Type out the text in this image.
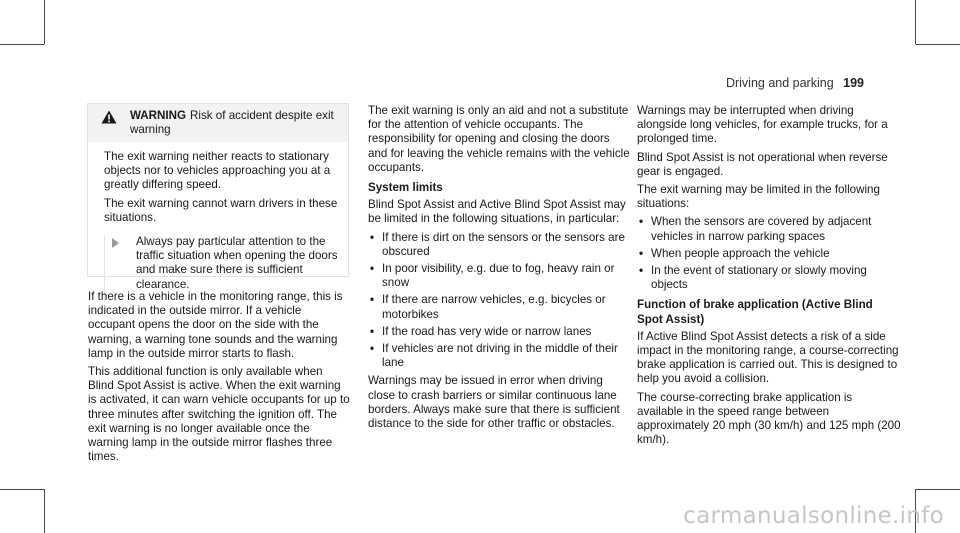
Driving and parking 199
WARNING Risk of accident despite exit warning

The exit warning neither reacts to stationary objects nor to vehicles approaching you at a greatly differing speed.

The exit warning cannot warn drivers in these situations.

Always pay particular attention to the traffic situation when opening the doors and make sure there is sufficient clearance.

If there is a vehicle in the monitoring range, this is indicated in the outside mirror. If a vehicle occupant opens the door on the side with the warning, a warning tone sounds and the warning lamp in the outside mirror starts to flash.

This additional function is only available when Blind Spot Assist is active. When the exit warning is activated, it can warn vehicle occupants for up to three minutes after switching the ignition off. The exit warning is no longer available once the warning lamp in the outside mirror flashes three times.

The exit warning is only an aid and not a substitute for the attention of vehicle occupants. The responsibility for opening and closing the doors and for leaving the vehicle remains with the vehicle occupants.

System limits

Blind Spot Assist and Active Blind Spot Assist may be limited in the following situations, in particular:

• If there is dirt on the sensors or the sensors are obscured
• In poor visibility, e.g. due to fog, heavy rain or snow
• If there are narrow vehicles, e.g. bicycles or motorbikes
• If the road has very wide or narrow lanes
• If vehicles are not driving in the middle of their lane

Warnings may be issued in error when driving close to crash barriers or similar continuous lane borders. Always make sure that there is sufficient distance to the side for other traffic or obstacles.

Warnings may be interrupted when driving alongside long vehicles, for example trucks, for a prolonged time.

Blind Spot Assist is not operational when reverse gear is engaged.

The exit warning may be limited in the following situations:

• When the sensors are covered by adjacent vehicles in narrow parking spaces
• When people approach the vehicle
• In the event of stationary or slowly moving objects
Function of brake application (Active Blind Spot Assist)

If Active Blind Spot Assist detects a risk of a side impact in the monitoring range, a course-correcting brake application is carried out. This is designed to help you avoid a collision.

The course-correcting brake application is available in the speed range between approximately 20 mph (30 km/h) and 125 mph (200 km/h).

carmanualsonline.info
